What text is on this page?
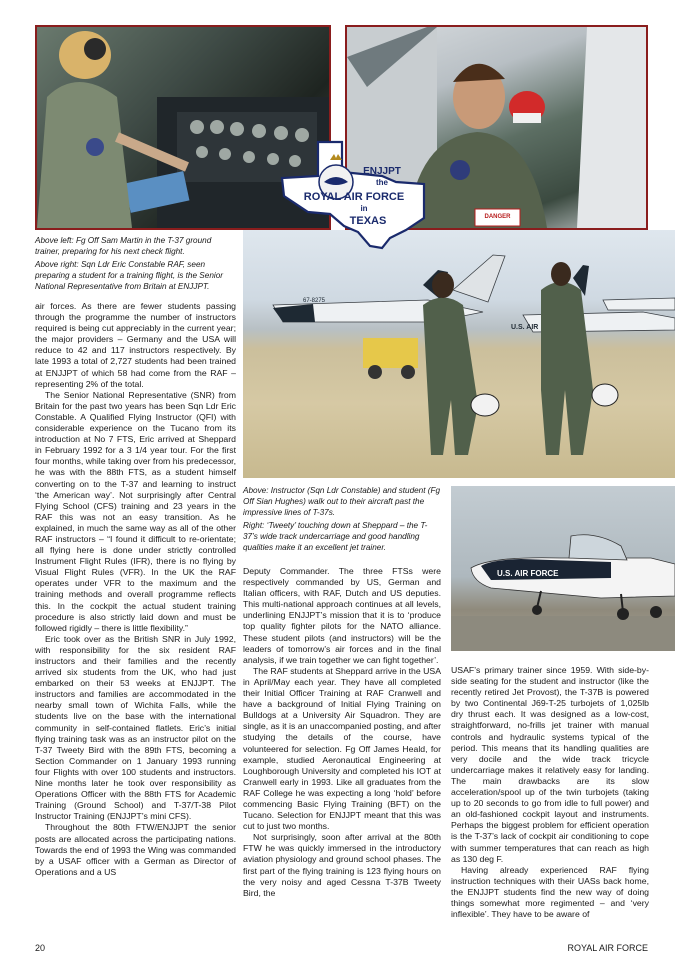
DANGER
67-8275
U.S. AIR
U.S. AIR FORCE
ENJJPT
the
ROYAL AIR FORCE
in
TEXAS

Above left: Fg Off Sam Martin in the T-37 ground trainer, preparing for his next check flight.

Above right: Sqn Ldr Eric Constable RAF, seen preparing a student for a training flight, is the Senior National Representative from Britain at ENJJPT.

Above: Instructor (Sqn Ldr Constable) and student (Fg Off Sian Hughes) walk out to their aircraft past the impressive lines of T-37s.

Right: ‘Tweety’ touching down at Sheppard – the T-37’s wide track undercarriage and good handling qualities make it an excellent jet trainer.

air forces. As there are fewer students passing through the programme the number of instructors required is being cut appreciably in the current year; the major providers – Germany and the USA will reduce to 42 and 117 instructors respectively. By late 1993 a total of 2,727 students had been trained at ENJJPT of which 58 had come from the RAF – representing 2% of the total.

The Senior National Representative (SNR) from Britain for the past two years has been Sqn Ldr Eric Constable. A Qualified Flying Instructor (QFI) with considerable experience on the Tucano from its introduction at No 7 FTS, Eric arrived at Sheppard in February 1992 for a 3 1/4 year tour. For the first four months, while taking over from his predecessor, he was with the 88th FTS, as a student himself converting on to the T-37 and learning to instruct ‘the American way’. Not surprisingly after Central Flying School (CFS) training and 23 years in the RAF this was not an easy transition. As he explained, in much the same way as all of the other RAF instructors – “I found it difficult to re-orientate; all flying here is done under strictly controlled Instrument Flight Rules (IFR), there is no flying by Visual Flight Rules (VFR). In the UK the RAF operates under VFR to the maximum and the training methods and overall programme reflects this. In the cockpit the actual student training procedure is also strictly laid down and must be followed rigidly – there is little flexibility.”

Eric took over as the British SNR in July 1992, with responsibility for the six resident RAF instructors and their families and the recently arrived six students from the UK, who had just embarked on their 53 weeks at ENJJPT. The instructors and families are accommodated in the nearby small town of Wichita Falls, while the students live on the base with the international community in self-contained flatlets. Eric’s initial flying training task was as an instructor pilot on the T-37 Tweety Bird with the 89th FTS, becoming a Section Commander on 1 January 1993 running four Flights with over 100 students and instructors. Nine months later he took over responsibility as Operations Officer with the 88th FTS for Academic Training (Ground School) and T-37/T-38 Pilot Instructor Training (ENJJPT’s mini CFS).

Throughout the 80th FTW/ENJJPT the senior posts are allocated across the participating nations. Towards the end of 1993 the Wing was commanded by a USAF officer with a German as Director of Operations and a US

Deputy Commander. The three FTSs were respectively commanded by US, German and Italian officers, with RAF, Dutch and US deputies. This multi-national approach continues at all levels, underlining ENJJPT’s mission that it is to ‘produce top quality fighter pilots for the NATO alliance. These student pilots (and instructors) will be the leaders of tomorrow’s air forces and in the final analysis, if we train together we can fight together’.

The RAF students at Sheppard arrive in the USA in April/May each year. They have all completed their Initial Officer Training at RAF Cranwell and have a background of Initial Flying Training on Bulldogs at a University Air Squadron. They are single, as it is an unaccompanied posting, and after studying the details of the course, have volunteered for selection. Fg Off James Heald, for example, studied Aeronautical Engineering at Loughborough University and completed his IOT at Cranwell early in 1993. Like all graduates from the RAF College he was expecting a long ‘hold’ before commencing Basic Flying Training (BFT) on the Tucano. Selection for ENJJPT meant that this was cut to just two months.

Not surprisingly, soon after arrival at the 80th FTW he was quickly immersed in the introductory aviation physiology and ground school phases. The first part of the flying training is 123 flying hours on the very noisy and aged Cessna T-37B Tweety Bird, the

USAF’s primary trainer since 1959. With side-by-side seating for the student and instructor (like the recently retired Jet Provost), the T-37B is powered by two Continental J69-T-25 turbojets of 1,025lb dry thrust each. It was designed as a low-cost, straightforward, no-frills jet trainer with manual controls and hydraulic systems typical of the period. This means that its handling qualities are very docile and the wide track tricycle undercarriage makes it relatively easy for landing. The main drawbacks are its slow acceleration/spool up of the twin turbojets (taking up to 20 seconds to go from idle to full power) and an old-fashioned cockpit layout and instruments. Perhaps the biggest problem for efficient operation is the T-37’s lack of cockpit air conditioning to cope with summer temperatures that can reach as high as 130 deg F.

Having already experienced RAF flying instruction techniques with their UASs back home, the ENJJPT students find the new way of doing things somewhat more regimented – and ‘very inflexible’. They have to be aware of

20	ROYAL AIR FORCE
